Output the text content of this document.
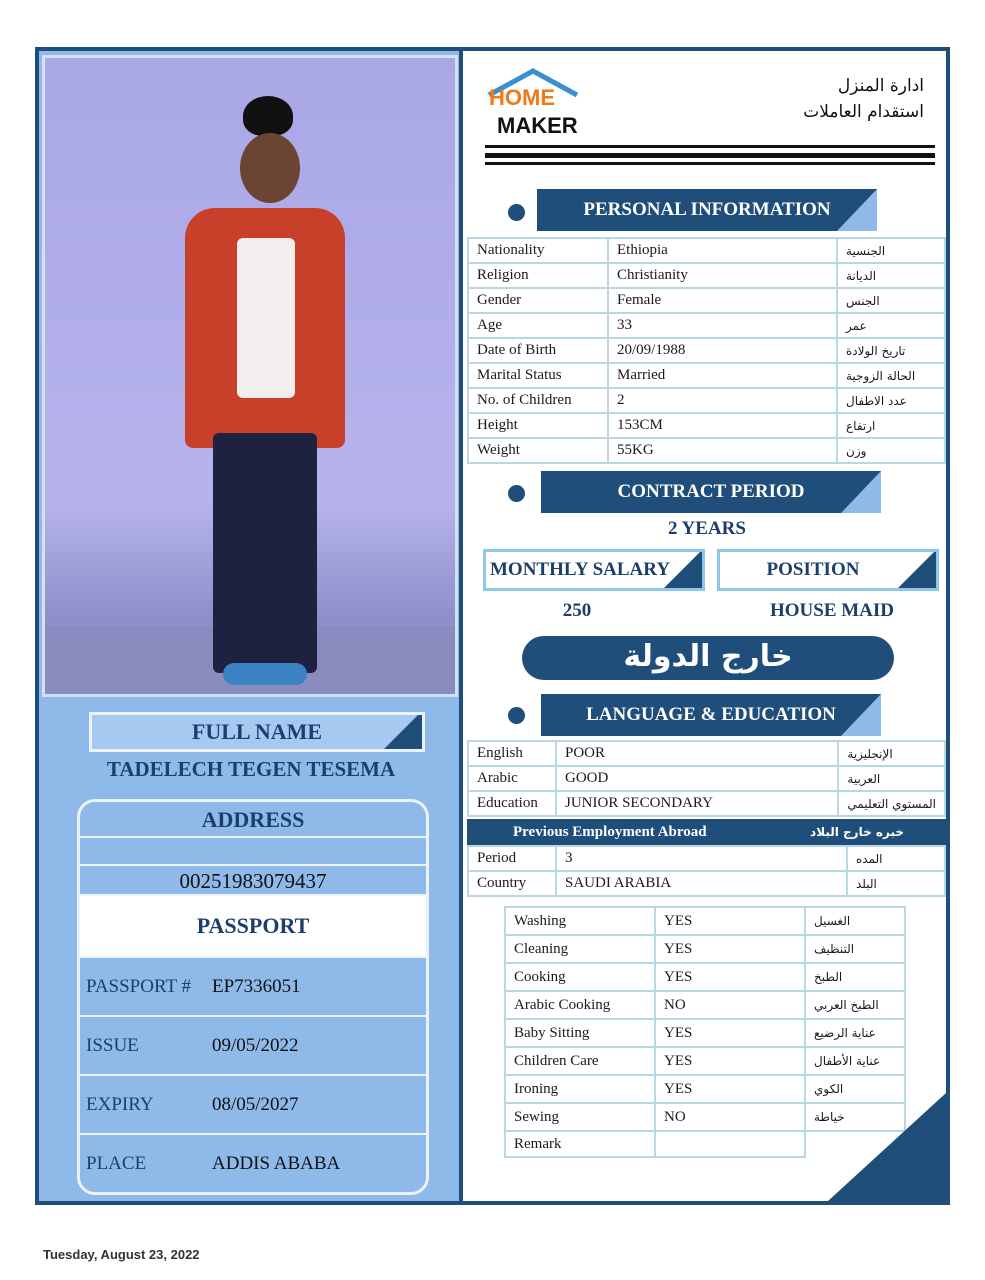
FULL NAME
TADELECH TEGEN TESEMA
ADDRESS
00251983079437
PASSPORT
PASSPORT #	EP7336051
ISSUE	09/05/2022
EXPIRY	08/05/2027
PLACE	ADDIS ABABA
HOME
MAKER
ادارة المنزل
استقدام العاملات
PERSONAL INFORMATION
Nationality	Ethiopia	الجنسية
Religion	Christianity	الديانة
Gender	Female	الجنس
Age	33	عمر
Date of Birth	20/09/1988	تاريخ الولادة
Marital Status	Married	الحالة الزوجية
No. of Children	2	عدد الاطفال
Height	153CM	ارتفاع
Weight	55KG	وزن
CONTRACT PERIOD
2 YEARS
MONTHLY SALARY	POSITION
250	HOUSE MAID
خارج الدولة
LANGUAGE & EDUCATION
English	POOR	الإنجليزية
Arabic	GOOD	العربية
Education	JUNIOR SECONDARY	المستوي التعليمي
Previous Employment Abroad	خبره خارج البلاد
Period	3	المده
Country	SAUDI ARABIA	البلد
Washing	YES	الغسيل
Cleaning	YES	التنظيف
Cooking	YES	الطبخ
Arabic Cooking	NO	الطبخ العربي
Baby Sitting	YES	عناية الرضيع
Children Care	YES	عناية الأطفال
Ironing	YES	الكوي
Sewing	NO	خياطة
Remark		
Tuesday, August 23, 2022
